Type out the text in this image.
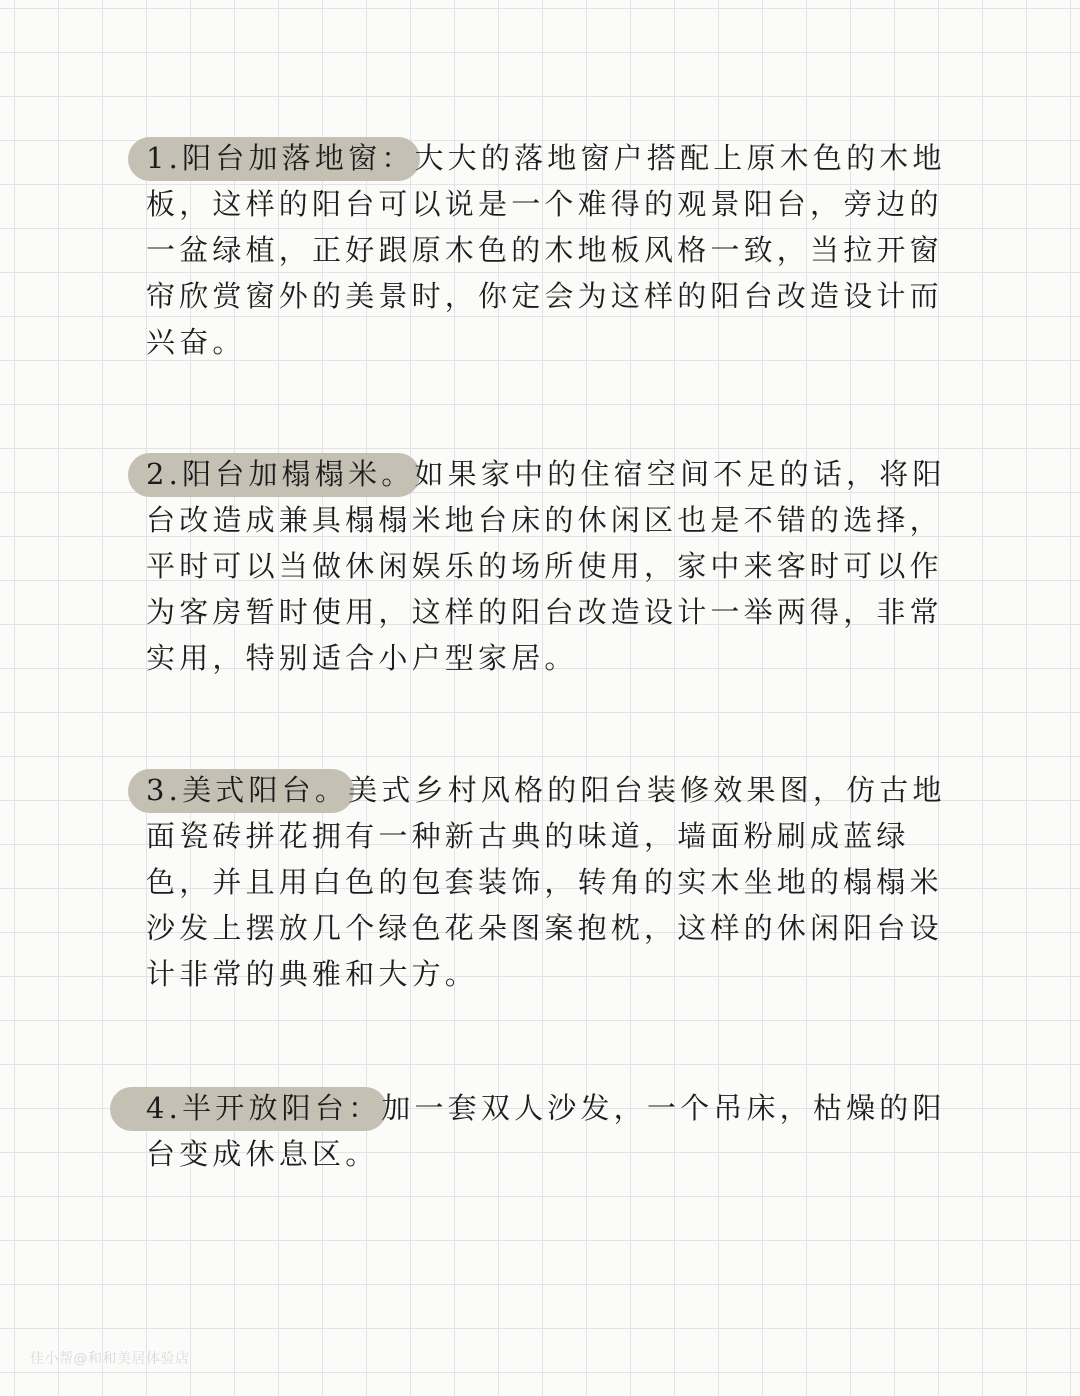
1.阳台加落地窗：大大的落地窗户搭配上原木色的木地板，这样的阳台可以说是一个难得的观景阳台，旁边的一盆绿植，正好跟原木色的木地板风格一致，当拉开窗帘欣赏窗外的美景时，你定会为这样的阳台改造设计而兴奋。

2.阳台加榻榻米。如果家中的住宿空间不足的话，将阳台改造成兼具榻榻米地台床的休闲区也是不错的选择，平时可以当做休闲娱乐的场所使用，家中来客时可以作为客房暂时使用，这样的阳台改造设计一举两得，非常实用，特别适合小户型家居。

3.美式阳台。美式乡村风格的阳台装修效果图，仿古地面瓷砖拼花拥有一种新古典的味道，墙面粉刷成蓝绿色，并且用白色的包套装饰，转角的实木坐地的榻榻米沙发上摆放几个绿色花朵图案抱枕，这样的休闲阳台设计非常的典雅和大方。

4.半开放阳台：加一套双人沙发，一个吊床，枯燥的阳台变成休息区。

佳小帮@和和美居体验店
